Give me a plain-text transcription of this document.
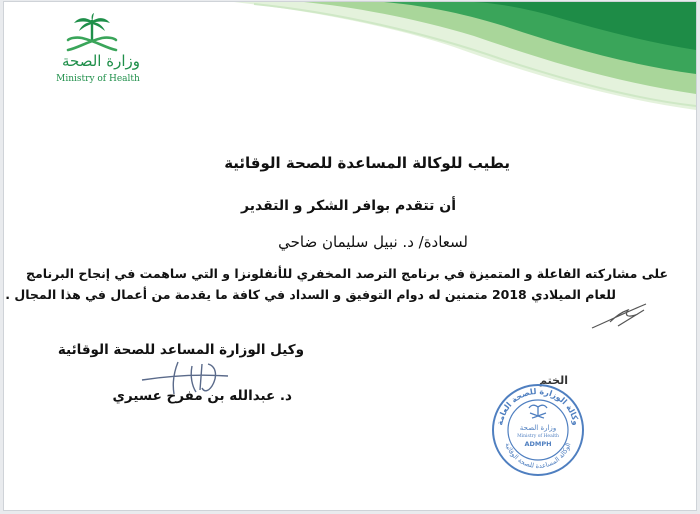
وزارة الصحة
Ministry of Health
يطيب للوكالة المساعدة للصحة الوقائية
أن تتقدم بوافر الشكر و التقدير
لسعادة/ د. نبيل سليمان ضاحي
على مشاركته الفاعلة و المتميزة في برنامج الترصد المخفري للأنفلونزا و التي ساهمت في إنجاح البرنامج
للعام الميلادي 2018 متمنين له دوام التوفيق و السداد في كافة ما يقدمة من أعمال في هذا المجال .
وكيل الوزارة المساعد للصحة الوقائية
د. عبدالله بن مفرح عسيري
الختم
وكالة الوزارة للصحة العامة
الوكالة المساعدة للصحة الوقائية
وزارة الصحة
Ministry of Health
ADMPH
